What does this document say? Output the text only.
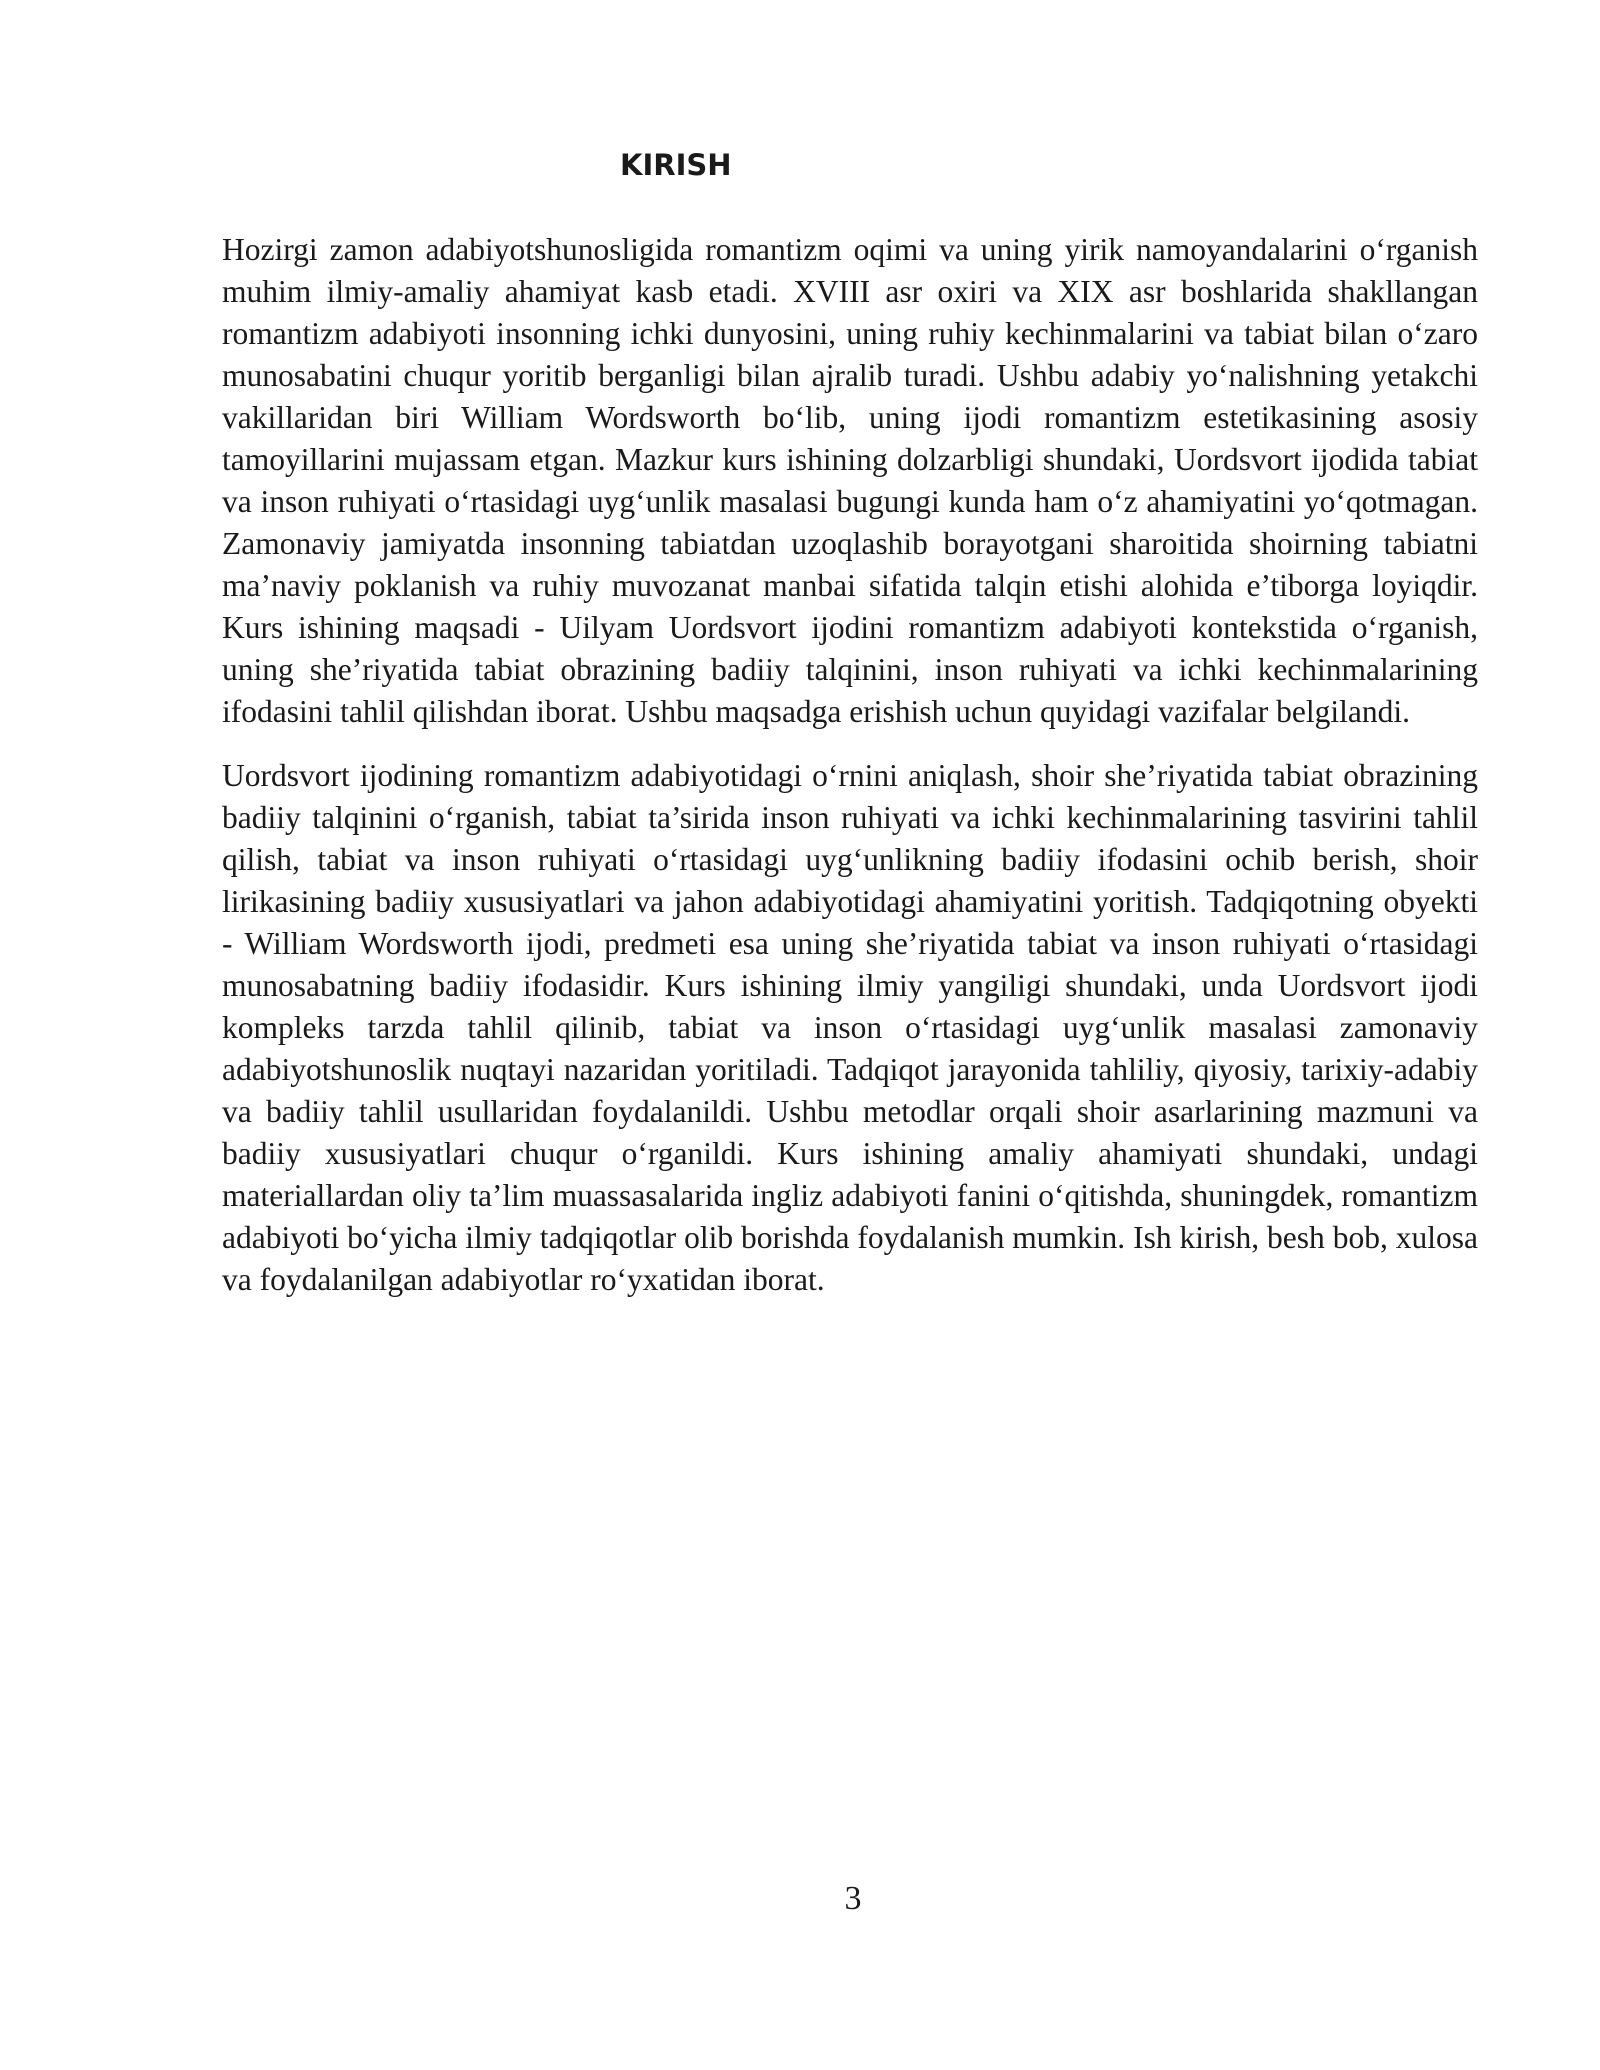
KIRISH

Hozirgi zamon adabiyotshunosligida romantizm oqimi va uning yirik namoyandalarini o‘rganish muhim ilmiy-amaliy ahamiyat kasb etadi. XVIII asr oxiri va XIX asr boshlarida shakllangan romantizm adabiyoti insonning ichki dunyosini, uning ruhiy kechinmalarini va tabiat bilan o‘zaro munosabatini chuqur yoritib berganligi bilan ajralib turadi. Ushbu adabiy yo‘nalishning yetakchi vakillaridan biri William Wordsworth bo‘lib, uning ijodi romantizm estetikasining asosiy tamoyillarini mujassam etgan. Mazkur kurs ishining dolzarbligi shundaki, Uordsvort ijodida tabiat va inson ruhiyati o‘rtasidagi uyg‘unlik masalasi bugungi kunda ham o‘z ahamiyatini yo‘qotmagan. Zamonaviy jamiyatda insonning tabiatdan uzoqlashib borayotgani sharoitida shoirning tabiatni ma’naviy poklanish va ruhiy muvozanat manbai sifatida talqin etishi alohida e’tiborga loyiqdir. Kurs ishining maqsadi - Uilyam Uordsvort ijodini romantizm adabiyoti kontekstida o‘rganish, uning she’riyatida tabiat obrazining badiiy talqinini, inson ruhiyati va ichki kechinmalarining ifodasini tahlil qilishdan iborat. Ushbu maqsadga erishish uchun quyidagi vazifalar belgilandi.

Uordsvort ijodining romantizm adabiyotidagi o‘rnini aniqlash, shoir she’riyatida tabiat obrazining badiiy talqinini o‘rganish, tabiat ta’sirida inson ruhiyati va ichki kechinmalarining tasvirini tahlil qilish, tabiat va inson ruhiyati o‘rtasidagi uyg‘unlikning badiiy ifodasini ochib berish, shoir lirikasining badiiy xususiyatlari va jahon adabiyotidagi ahamiyatini yoritish. Tadqiqotning obyekti - William Wordsworth ijodi, predmeti esa uning she’riyatida tabiat va inson ruhiyati o‘rtasidagi munosabatning badiiy ifodasidir. Kurs ishining ilmiy yangiligi shundaki, unda Uordsvort ijodi kompleks tarzda tahlil qilinib, tabiat va inson o‘rtasidagi uyg‘unlik masalasi zamonaviy adabiyotshunoslik nuqtayi nazaridan yoritiladi. Tadqiqot jarayonida tahliliy, qiyosiy, tarixiy-adabiy va badiiy tahlil usullaridan foydalanildi. Ushbu metodlar orqali shoir asarlarining mazmuni va badiiy xususiyatlari chuqur o‘rganildi. Kurs ishining amaliy ahamiyati shundaki, undagi materiallardan oliy ta’lim muassasalarida ingliz adabiyoti fanini o‘qitishda, shuningdek, romantizm adabiyoti bo‘yicha ilmiy tadqiqotlar olib borishda foydalanish mumkin. Ish kirish, besh bob, xulosa va foydalanilgan adabiyotlar ro‘yxatidan iborat.

3
